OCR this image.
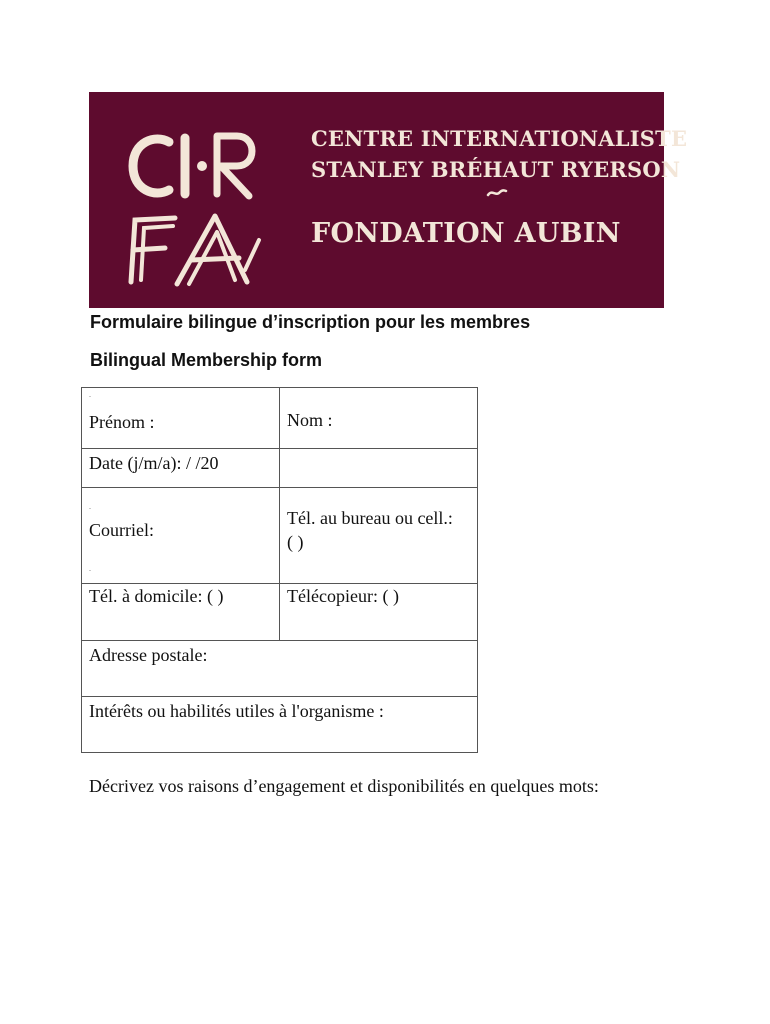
CENTRE INTERNATIONALISTE
STANLEY BRÉHAUT RYERSON
FONDATION AUBIN
Formulaire bilingue d’inscription pour les membres
Bilingual Membership form
.
Prénom :	Nom :
Date (j/m/a): / /20
.
Courriel:
.
Tél. au bureau ou cell.:
( )
Tél. à domicile: ( )	Télécopieur: ( )
Adresse postale:
Intérêts ou habilités utiles à l'organisme :
Décrivez vos raisons d’engagement et disponibilités en quelques mots:
